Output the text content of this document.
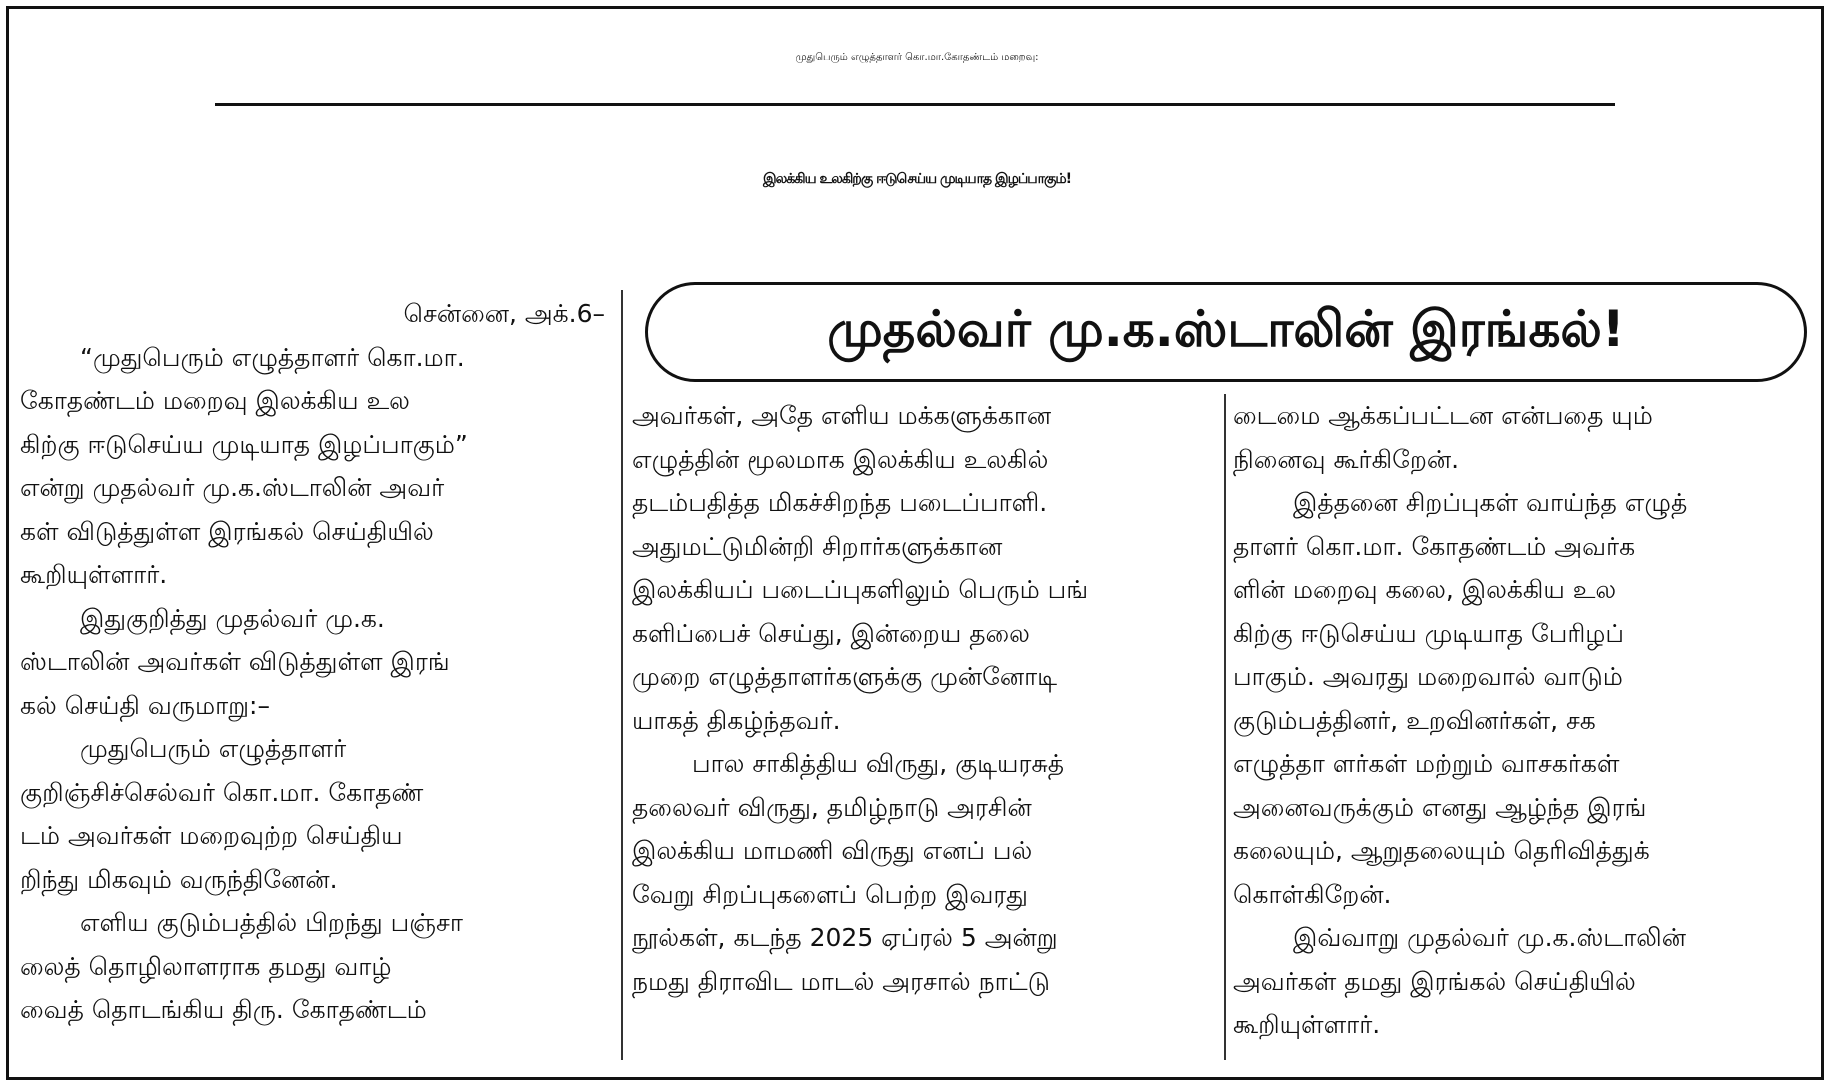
முதுபெரும் எழுத்தாளர் கொ.மா.கோதண்டம் மறைவு:
இலக்கிய உலகிற்கு ஈடுசெய்ய முடியாத இழப்பாகும்!
முதல்வர் மு.க.ஸ்டாலின் இரங்கல்!
சென்னை, அக்.6–
“முதுபெரும் எழுத்தாளர் கொ.மா.
கோதண்டம் மறைவு இலக்கிய உல
கிற்கு ஈடுசெய்ய முடியாத இழப்பாகும்”
என்று முதல்வர் மு.க.ஸ்டாலின் அவர்
கள் விடுத்துள்ள இரங்கல் செய்தியில்
கூறியுள்ளார்.
இதுகுறித்து முதல்வர் மு.க.
ஸ்டாலின் அவர்கள் விடுத்துள்ள இரங்
கல் செய்தி வருமாறு:–
முதுபெரும் எழுத்தாளர்
குறிஞ்சிச்செல்வர் கொ.மா. கோதண்
டம் அவர்கள் மறைவுற்ற செய்திய
றிந்து மிகவும் வருந்தினேன்.
எளிய குடும்பத்தில் பிறந்து பஞ்சா
லைத் தொழிலாளராக தமது வாழ்
வைத் தொடங்கிய திரு. கோதண்டம்
அவர்கள், அதே எளிய மக்களுக்கான
எழுத்தின் மூலமாக இலக்கிய உலகில்
தடம்பதித்த மிகச்சிறந்த படைப்பாளி.
அதுமட்டுமின்றி சிறார்களுக்கான
இலக்கியப் படைப்புகளிலும் பெரும் பங்
களிப்பைச் செய்து, இன்றைய தலை
முறை எழுத்தாளர்களுக்கு முன்னோடி
யாகத் திகழ்ந்தவர்.
பால சாகித்திய விருது, குடியரசுத்
தலைவர் விருது, தமிழ்நாடு அரசின்
இலக்கிய மாமணி விருது எனப் பல்
வேறு சிறப்புகளைப் பெற்ற இவரது
நூல்கள், கடந்த 2025 ஏப்ரல் 5 அன்று
நமது திராவிட மாடல் அரசால் நாட்டு
டைமை ஆக்கப்பட்டன என்பதை யும்
நினைவு கூர்கிறேன்.
இத்தனை சிறப்புகள் வாய்ந்த எழுத்
தாளர் கொ.மா. கோதண்டம் அவர்க
ளின் மறைவு கலை, இலக்கிய உல
கிற்கு ஈடுசெய்ய முடியாத பேரிழப்
பாகும். அவரது மறைவால் வாடும்
குடும்பத்தினர், உறவினர்கள், சக
எழுத்தா ளர்கள் மற்றும் வாசகர்கள்
அனைவருக்கும் எனது ஆழ்ந்த இரங்
கலையும், ஆறுதலையும் தெரிவித்துக்
கொள்கிறேன்.
இவ்வாறு முதல்வர் மு.க.ஸ்டாலின்
அவர்கள் தமது இரங்கல் செய்தியில்
கூறியுள்ளார்.
